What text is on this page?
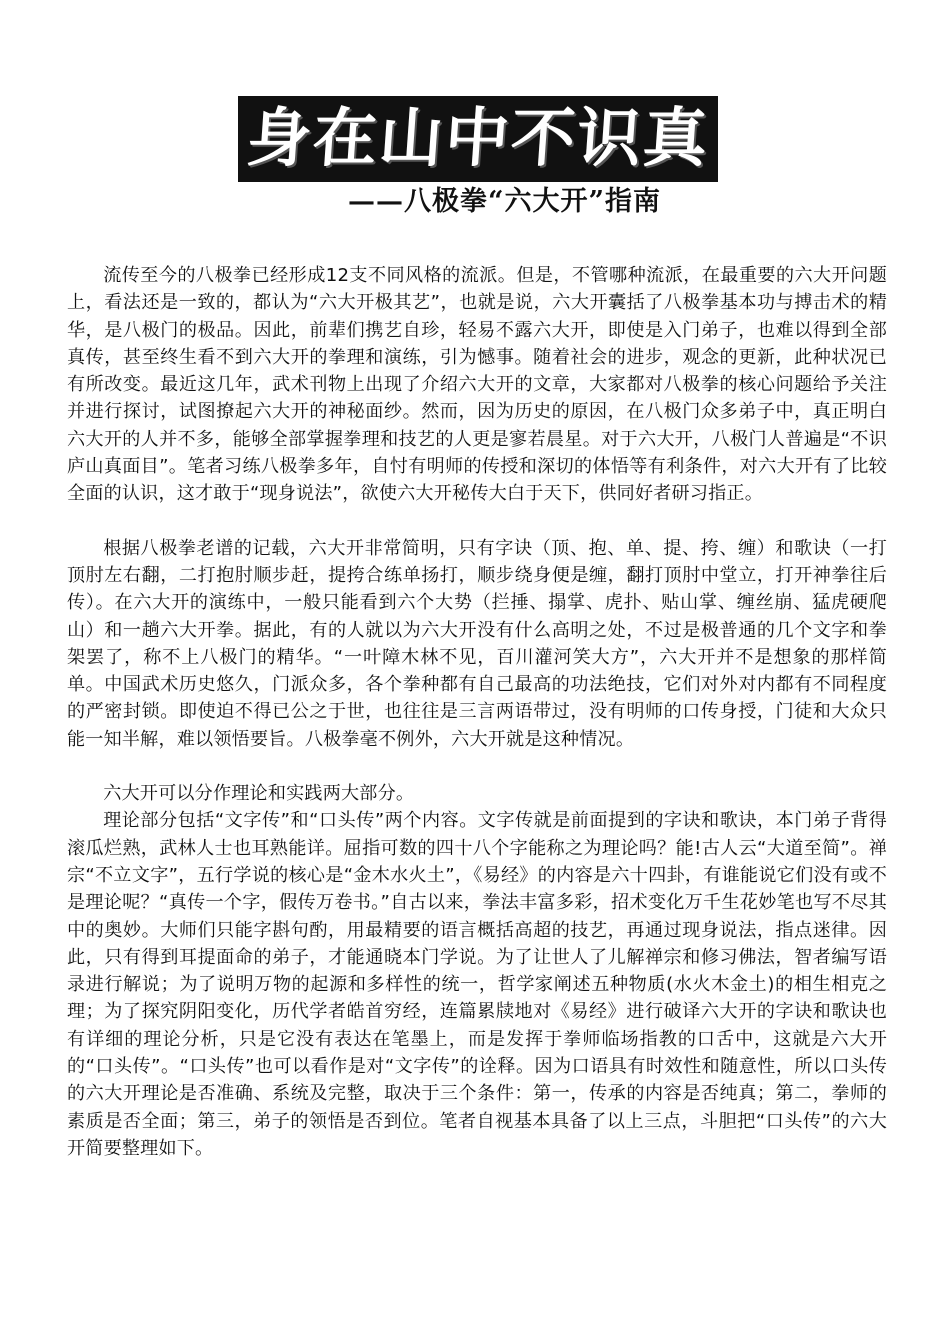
身在山中不识真
——八极拳“六大开”指南

流传至今的八极拳已经形成12支不同风格的流派。但是，不管哪种流派，在最重要的六大开问题上，看法还是一致的，都认为“六大开极其艺”，也就是说，六大开囊括了八极拳基本功与搏击术的精华，是八极门的极品。因此，前辈们携艺自珍，轻易不露六大开，即使是入门弟子，也难以得到全部真传，甚至终生看不到六大开的拳理和演练，引为憾事。随着社会的进步，观念的更新，此种状况已有所改变。最近这几年，武术刊物上出现了介绍六大开的文章，大家都对八极拳的核心问题给予关注并进行探讨，试图撩起六大开的神秘面纱。然而，因为历史的原因，在八极门众多弟子中，真正明白六大开的人并不多，能够全部掌握拳理和技艺的人更是寥若晨星。对于六大开，八极门人普遍是“不识庐山真面目”。笔者习练八极拳多年，自忖有明师的传授和深切的体悟等有利条件，对六大开有了比较全面的认识，这才敢于“现身说法”，欲使六大开秘传大白于天下，供同好者研习指正。

根据八极拳老谱的记载，六大开非常简明，只有字诀（顶、抱、单、提、挎、缠）和歌诀（一打顶肘左右翻，二打抱肘顺步赶，提挎合练单扬打，顺步绕身便是缠，翻打顶肘中堂立，打开神拳往后传）。在六大开的演练中，一般只能看到六个大势（拦捶、搨掌、虎扑、贴山掌、缠丝崩、猛虎硬爬山）和一趟六大开拳。据此，有的人就以为六大开没有什么高明之处，不过是极普通的几个文字和拳架罢了，称不上八极门的精华。“一叶障木林不见，百川灌河笑大方”，六大开并不是想象的那样简单。中国武术历史悠久，门派众多，各个拳种都有自己最高的功法绝技，它们对外对内都有不同程度的严密封锁。即使迫不得已公之于世，也往往是三言两语带过，没有明师的口传身授，门徒和大众只能一知半解，难以领悟要旨。八极拳毫不例外，六大开就是这种情况。

六大开可以分作理论和实践两大部分。

理论部分包括“文字传”和“口头传”两个内容。文字传就是前面提到的字诀和歌诀，本门弟子背得滚瓜烂熟，武林人士也耳熟能详。屈指可数的四十八个字能称之为理论吗？能!古人云“大道至简”。禅宗“不立文字”，五行学说的核心是“金木水火土”，《易经》的内容是六十四卦，有谁能说它们没有或不是理论呢？“真传一个字，假传万卷书。”自古以来，拳法丰富多彩，招术变化万千生花妙笔也写不尽其中的奥妙。大师们只能字斟句酌，用最精要的语言概括高超的技艺，再通过现身说法，指点迷律。因此，只有得到耳提面命的弟子，才能通晓本门学说。为了让世人了儿解禅宗和修习佛法，智者编写语录进行解说；为了说明万物的起源和多样性的统一，哲学家阐述五种物质(水火木金土)的相生相克之理；为了探究阴阳变化，历代学者皓首穷经，连篇累牍地对《易经》进行破译六大开的字诀和歌诀也有详细的理论分析，只是它没有表达在笔墨上，而是发挥于拳师临场指教的口舌中，这就是六大开的“口头传”。“口头传”也可以看作是对“文字传”的诠释。因为口语具有时效性和随意性，所以口头传的六大开理论是否准确、系统及完整，取决于三个条件：第一，传承的内容是否纯真；第二，拳师的素质是否全面；第三，弟子的领悟是否到位。笔者自视基本具备了以上三点，斗胆把“口头传”的六大开简要整理如下。
